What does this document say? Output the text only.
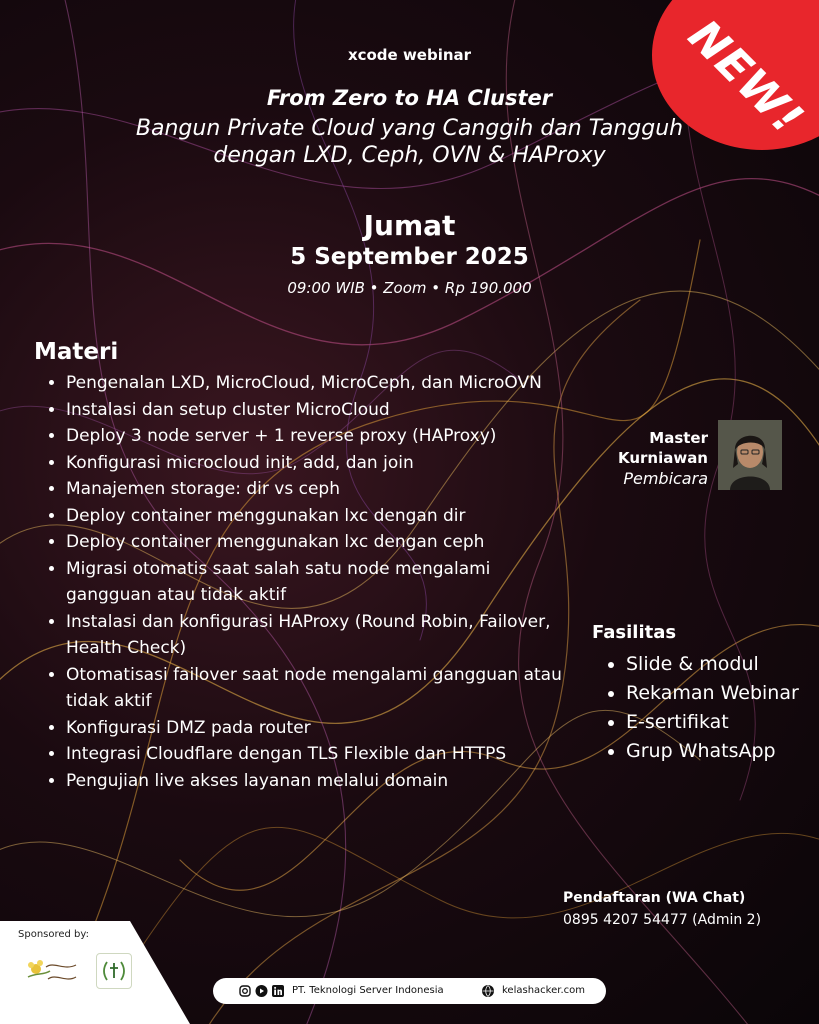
NEW!
xcode webinar
From Zero to HA Cluster
Bangun Private Cloud yang Canggih dan Tangguh
dengan LXD, Ceph, OVN & HAProxy
Jumat
5 September 2025
09:00 WIB • Zoom • Rp 190.000
Materi
• Pengenalan LXD, MicroCloud, MicroCeph, dan MicroOVN
• Instalasi dan setup cluster MicroCloud
• Deploy 3 node server + 1 reverse proxy (HAProxy)
• Konfigurasi microcloud init, add, dan join
• Manajemen storage: dir vs ceph
• Deploy container menggunakan lxc dengan dir
• Deploy container menggunakan lxc dengan ceph
• Migrasi otomatis saat salah satu node mengalami gangguan atau tidak aktif
• Instalasi dan konfigurasi HAProxy (Round Robin, Failover, Health Check)
• Otomatisasi failover saat node mengalami gangguan atau tidak aktif
• Konfigurasi DMZ pada router
• Integrasi Cloudflare dengan TLS Flexible dan HTTPS
• Pengujian live akses layanan melalui domain
Master
Kurniawan
Pembicara
Fasilitas
• Slide & modul
• Rekaman Webinar
• E-sertifikat
• Grup WhatsApp
Pendaftaran (WA Chat)
0895 4207 54477 (Admin 2)
Sponsored by:
PT. Teknologi Server Indonesia	kelashacker.com
